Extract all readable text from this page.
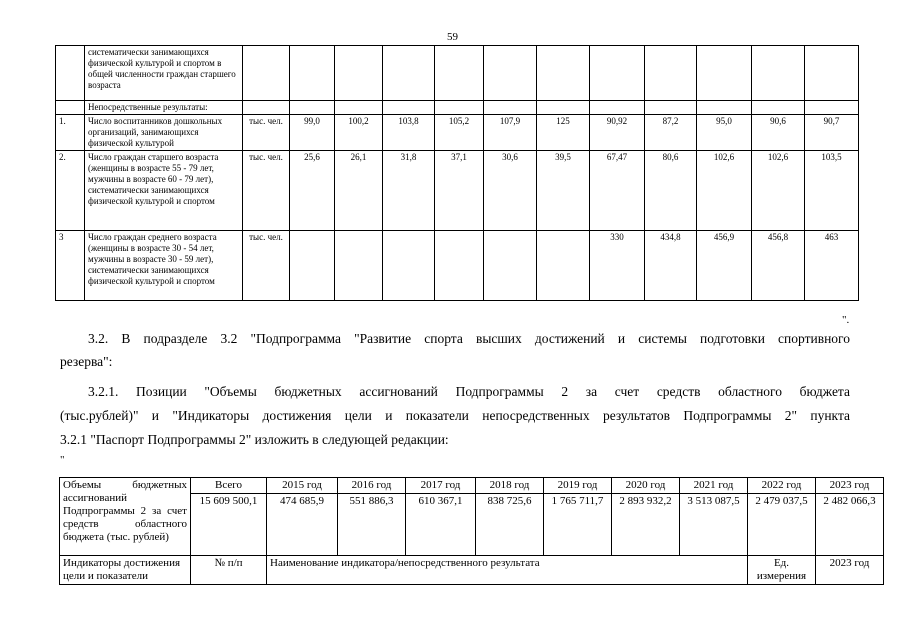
59
	систематически занимающихся физической культурой и спортом в общей численности граждан старшего возраста												
	Непосредственные результаты:												
1.	Число воспитанников дошкольных организаций, занимающихся физической культурой	тыс. чел.	99,0	100,2	103,8	105,2	107,9	125	90,92	87,2	95,0	90,6	90,7
2.	Число граждан старшего возраста (женщины в возрасте 55 - 79 лет, мужчины в возрасте 60 - 79 лет), систематически занимающихся физической культурой и спортом	тыс. чел.	25,6	26,1	31,8	37,1	30,6	39,5	67,47	80,6	102,6	102,6	103,5
3	Число граждан среднего возраста (женщины в возрасте 30 - 54 лет, мужчины в возрасте 30 - 59 лет), систематически занимающихся физической культурой и спортом	тыс. чел.							330	434,8	456,9	456,8	463
".
3.2. В подразделе 3.2 "Подпрограмма "Развитие спорта высших достижений и системы подготовки спортивного
резерва":
3.2.1. Позиции "Объемы бюджетных ассигнований Подпрограммы 2 за счет средств областного бюджета
(тыс.рублей)" и "Индикаторы достижения цели и показатели непосредственных результатов Подпрограммы 2" пункта
3.2.1 "Паспорт Подпрограммы 2" изложить в следующей редакции:
"
Объемы бюджетных ассигнований Подпрограммы 2 за счет средств областного бюджета (тыс. рублей)	Всего	2015 год	2016 год	2017 год	2018 год	2019 год	2020 год	2021 год	2022 год	2023 год
	15 609 500,1	474 685,9	551 886,3	610 367,1	838 725,6	1 765 711,7	2 893 932,2	3 513 087,5	2 479 037,5	2 482 066,3
Индикаторы достижения цели и показатели	№ п/п	Наименование индикатора/непосредственного результата							Ед. измерения	2023 год
